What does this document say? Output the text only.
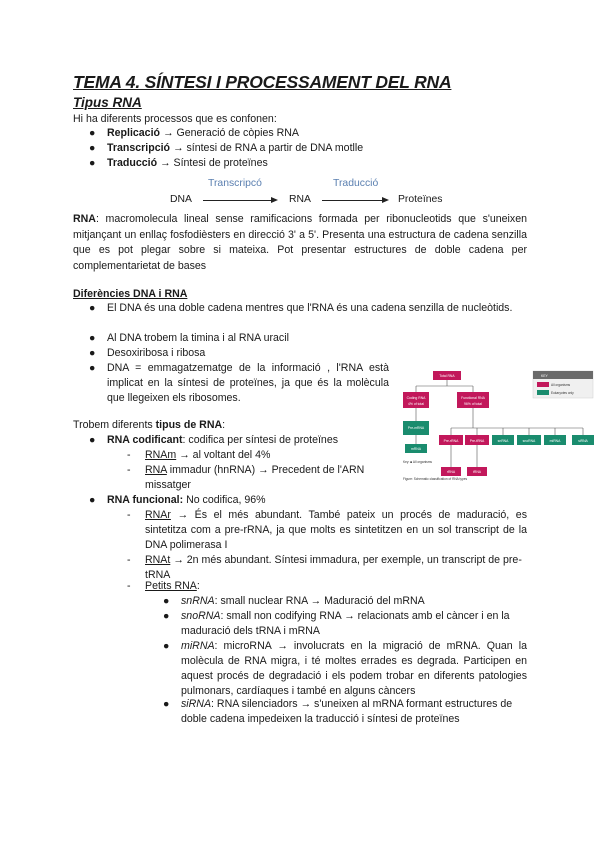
TEMA 4. SÍNTESI I PROCESSAMENT DEL RNA
Tipus RNA
Hi ha diferents processos que es confonen:
● Replicació → Generació de còpies RNA
● Transcripció → síntesi de RNA a partir de DNA motlle
● Traducció → Síntesi de proteïnes
Transcripcó	Traducció
DNA	RNA	Proteïnes
RNA: macromolecula lineal sense ramificacions formada per ribonucleotids que s'uneixen mitjançant un enllaç fosfodièsters en direcció 3' a 5'. Presenta una estructura de cadena senzilla que es pot plegar sobre si mateixa. Pot presentar estructures de doble cadena per complementarietat de bases
Diferències DNA i RNA
● El DNA és una doble cadena mentres que l'RNA és una cadena senzilla de nucleòtids.
● Al DNA trobem la timina i al RNA uracil
● Desoxiribosa i ribosa
● DNA = emmagatzematge de la informació , l'RNA està implicat en la síntesi de proteïnes, ja que és la molècula que llegeixen els ribosomes.
Key: ■ All organisms
Figure: Schematic classification of RNA types
Total RNA
Coding RNA
4% of total
Functional RNA
96% of total
Pre-mRNA
mRNA
Pre-rRNA	Pre-tRNA	snRNA	snoRNA	miRNA	siRNA
rRNA	tRNA
KEY
All organisms
Eukaryotes only
Trobem diferents tipus de RNA:
● RNA codificant: codifica per síntesi de proteïnes
- RNAm → al voltant del 4%
- RNA immadur (hnRNA) → Precedent de l'ARN missatger
● RNA funcional: No codifica, 96%
- RNAr → És el més abundant. També pateix un procés de maduració, es sintetitza com a pre-rRNA, ja que molts es sintetitzen en un sol transcript de la DNA polimerasa I
- RNAt → 2n més abundant. Síntesi immadura, per exemple, un transcript de pre-tRNA
- Petits RNA:
● snRNA: small nuclear RNA → Maduració del mRNA
● snoRNA: small non codifying RNA → relacionats amb el càncer i en la maduració dels tRNA i mRNA
● miRNA: microRNA → involucrats en la migració de mRNA. Quan la molècula de RNA migra, i té moltes errades es degrada. Participen en aquest procés de degradació i els podem trobar en diferents patologies pulmonars, cardíaques i també en alguns càncers
● siRNA: RNA silenciadors → s'uneixen al mRNA formant estructures de doble cadena impedeixen la traducció i síntesi de proteïnes
